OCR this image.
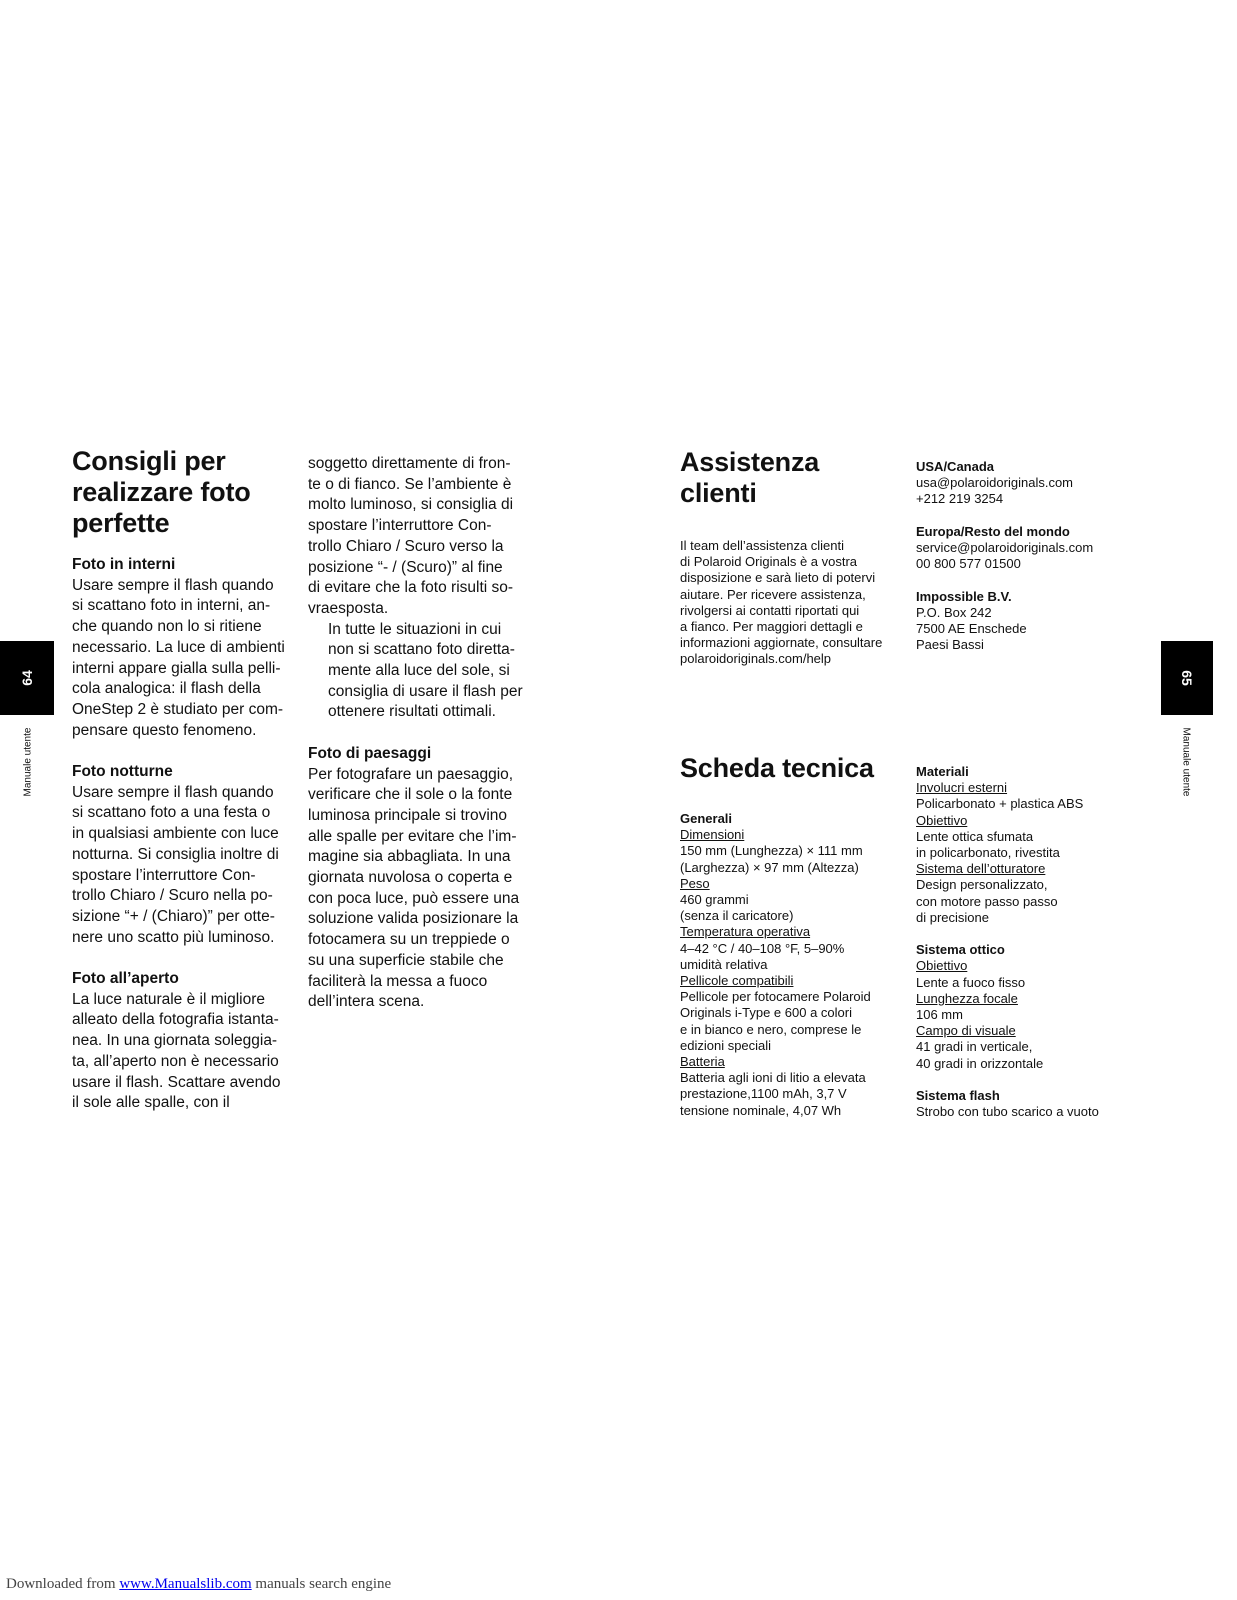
Consigli per
realizzare foto
perfette
Foto in interni
Usare sempre il flash quando
si scattano foto in interni, an-
che quando non lo si ritiene
necessario. La luce di ambienti
interni appare gialla sulla pelli-
cola analogica: il flash della
OneStep 2 è studiato per com-
pensare questo fenomeno.
Foto notturne
Usare sempre il flash quando
si scattano foto a una festa o
in qualsiasi ambiente con luce
notturna. Si consiglia inoltre di
spostare l’interruttore Con-
trollo Chiaro / Scuro nella po-
sizione “+ / (Chiaro)” per otte-
nere uno scatto più luminoso.
Foto all’aperto
La luce naturale è il migliore
alleato della fotografia istanta-
nea. In una giornata soleggia-
ta, all’aperto non è necessario
usare il flash. Scattare avendo
il sole alle spalle, con il
soggetto direttamente di fron-
te o di fianco. Se l’ambiente è
molto luminoso, si consiglia di
spostare l’interruttore Con-
trollo Chiaro / Scuro verso la
posizione “- / (Scuro)” al fine
di evitare che la foto risulti so-
vraesposta.
In tutte le situazioni in cui
non si scattano foto diretta-
mente alla luce del sole, si
consiglia di usare il flash per
ottenere risultati ottimali.
Foto di paesaggi
Per fotografare un paesaggio,
verificare che il sole o la fonte
luminosa principale si trovino
alle spalle per evitare che l’im-
magine sia abbagliata. In una
giornata nuvolosa o coperta e
con poca luce, può essere una
soluzione valida posizionare la
fotocamera su un treppiede o
su una superficie stabile che
faciliterà la messa a fuoco
dell’intera scena.
64
Manuale utente
Assistenza
clienti
Il team dell’assistenza clienti
di Polaroid Originals è a vostra
disposizione e sarà lieto di potervi
aiutare. Per ricevere assistenza,
rivolgersi ai contatti riportati qui
a fianco. Per maggiori dettagli e
informazioni aggiornate, consultare
polaroidoriginals.com/help
USA/Canada
usa@polaroidoriginals.com
+212 219 3254
Europa/Resto del mondo
service@polaroidoriginals.com
00 800 577 01500
Impossible B.V.
P.O. Box 242
7500 AE Enschede
Paesi Bassi
Scheda tecnica
Generali
Dimensioni
150 mm (Lunghezza) × 111 mm
(Larghezza) × 97 mm (Altezza)
Peso
460 grammi
(senza il caricatore)
Temperatura operativa
4–42 °C / 40–108 °F, 5–90%
umidità relativa
Pellicole compatibili
Pellicole per fotocamere Polaroid
Originals i-Type e 600 a colori
e in bianco e nero, comprese le
edizioni speciali
Batteria
Batteria agli ioni di litio a elevata
prestazione,1100 mAh, 3,7 V
tensione nominale, 4,07 Wh
Materiali
Involucri esterni
Policarbonato + plastica ABS
Obiettivo
Lente ottica sfumata
in policarbonato, rivestita
Sistema dell’otturatore
Design personalizzato,
con motore passo passo
di precisione
Sistema ottico
Obiettivo
Lente a fuoco fisso
Lunghezza focale
106 mm
Campo di visuale
41 gradi in verticale,
40 gradi in orizzontale
Sistema flash
Strobo con tubo scarico a vuoto
65
Manuale utente
Downloaded from www.Manualslib.com manuals search engine
